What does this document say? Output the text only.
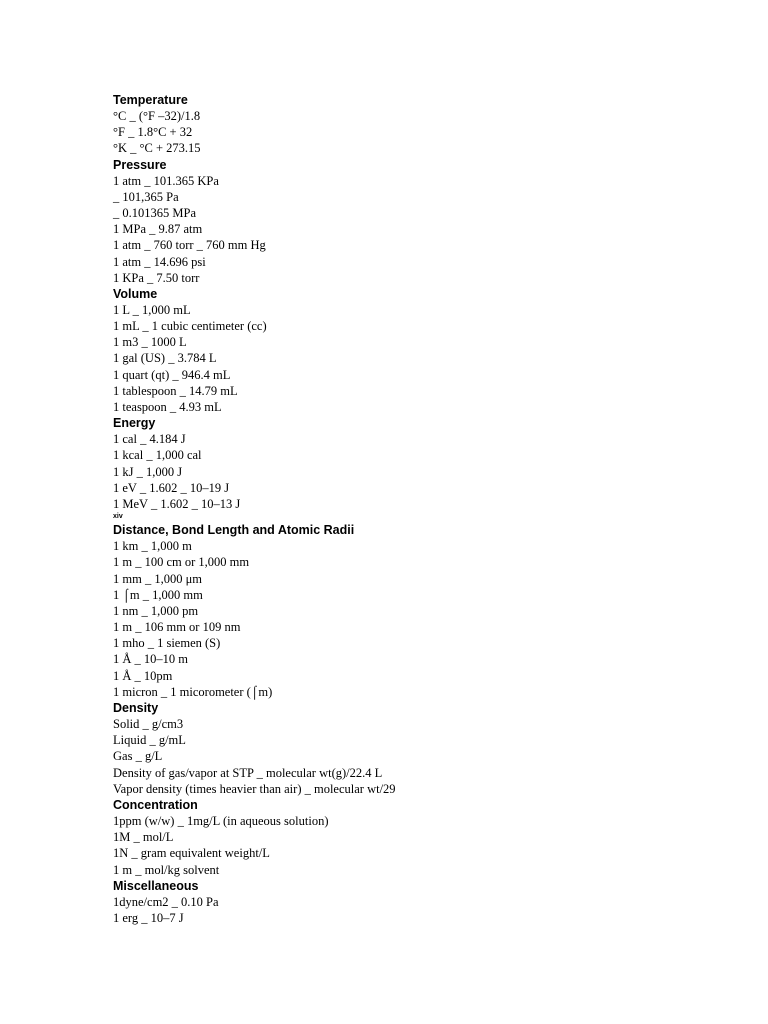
Temperature
°C _ (°F –32)/1.8
°F _ 1.8°C + 32
°K _ °C + 273.15
Pressure
1 atm _ 101.365 KPa
_ 101,365 Pa
_ 0.101365 MPa
1 MPa _ 9.87 atm
1 atm _ 760 torr _ 760 mm Hg
1 atm _ 14.696 psi
1 KPa _ 7.50 torr
Volume
1 L _ 1,000 mL
1 mL _ 1 cubic centimeter (cc)
1 m3 _ 1000 L
1 gal (US) _ 3.784 L
1 quart (qt) _ 946.4 mL
1 tablespoon _ 14.79 mL
1 teaspoon _ 4.93 mL
Energy
1 cal _ 4.184 J
1 kcal _ 1,000 cal
1 kJ _ 1,000 J
1 eV _ 1.602 _ 10–19 J
1 MeV _ 1.602 _ 10–13 J
xiv
Distance, Bond Length and Atomic Radii
1 km _ 1,000 m
1 m _ 100 cm or 1,000 mm
1 mm _ 1,000 μm
1 ⌠m _ 1,000 mm
1 nm _ 1,000 pm
1 m _ 106 mm or 109 nm
1 mho _ 1 siemen (S)
1 Å _ 10–10 m
1 Å _ 10pm
1 micron _ 1 micorometer (⌠m)
Density
Solid _ g/cm3
Liquid _ g/mL
Gas _ g/L
Density of gas/vapor at STP _ molecular wt(g)/22.4 L
Vapor density (times heavier than air) _ molecular wt/29
Concentration
1ppm (w/w) _ 1mg/L (in aqueous solution)
1M _ mol/L
1N _ gram equivalent weight/L
1 m _ mol/kg solvent
Miscellaneous
1dyne/cm2 _ 0.10 Pa
1 erg _ 10–7 J
